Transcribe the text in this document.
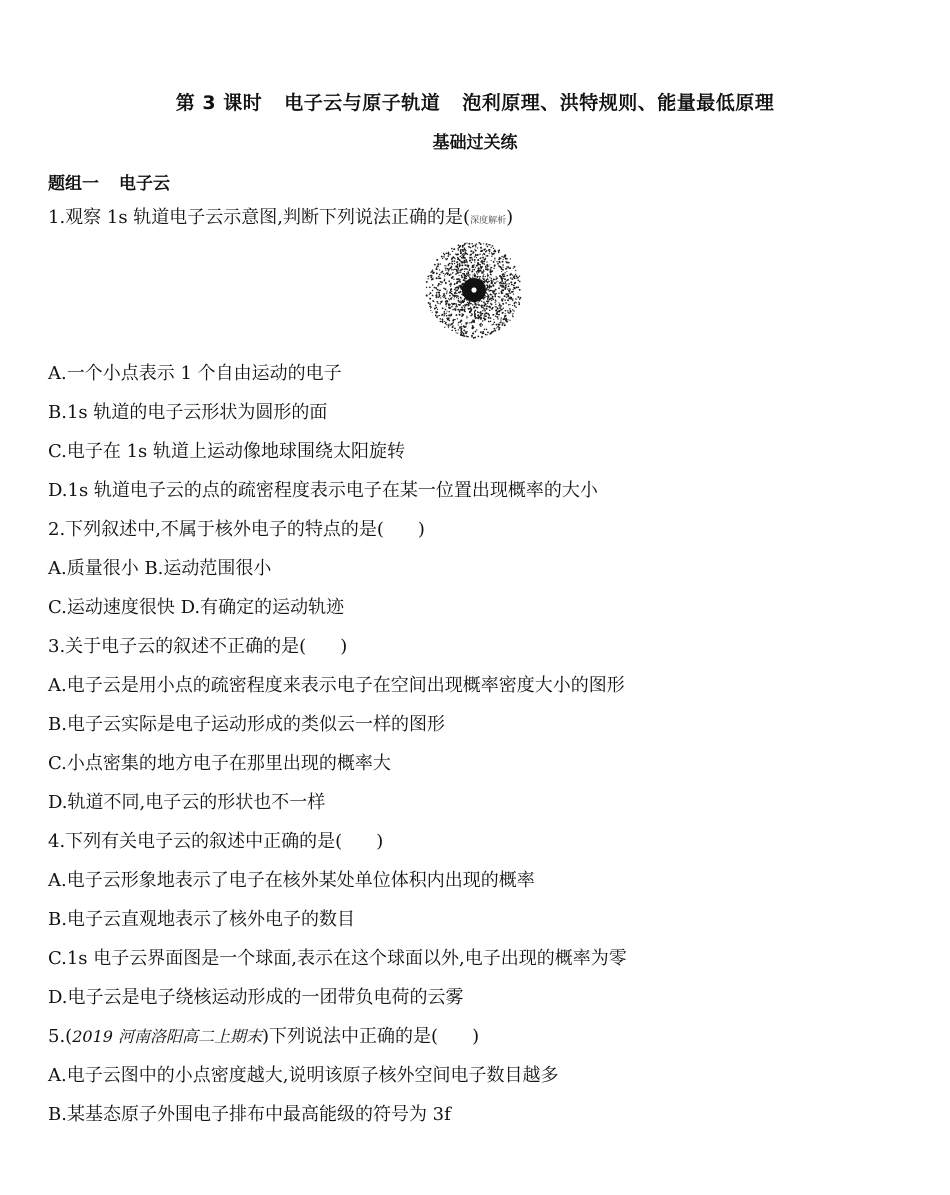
第 3 课时 电子云与原子轨道 泡利原理、洪特规则、能量最低原理
基础过关练
题组一 电子云
1.观察 1s 轨道电子云示意图,判断下列说法正确的是(深度解析)
A.一个小点表示 1 个自由运动的电子
B.1s 轨道的电子云形状为圆形的面
C.电子在 1s 轨道上运动像地球围绕太阳旋转
D.1s 轨道电子云的点的疏密程度表示电子在某一位置出现概率的大小
2.下列叙述中,不属于核外电子的特点的是( )
A.质量很小 B.运动范围很小
C.运动速度很快 D.有确定的运动轨迹
3.关于电子云的叙述不正确的是( )
A.电子云是用小点的疏密程度来表示电子在空间出现概率密度大小的图形
B.电子云实际是电子运动形成的类似云一样的图形
C.小点密集的地方电子在那里出现的概率大
D.轨道不同,电子云的形状也不一样
4.下列有关电子云的叙述中正确的是( )
A.电子云形象地表示了电子在核外某处单位体积内出现的概率
B.电子云直观地表示了核外电子的数目
C.1s 电子云界面图是一个球面,表示在这个球面以外,电子出现的概率为零
D.电子云是电子绕核运动形成的一团带负电荷的云雾
5.(2019 河南洛阳高二上期末)下列说法中正确的是( )
A.电子云图中的小点密度越大,说明该原子核外空间电子数目越多
B.某基态原子外围电子排布中最高能级的符号为 3f
